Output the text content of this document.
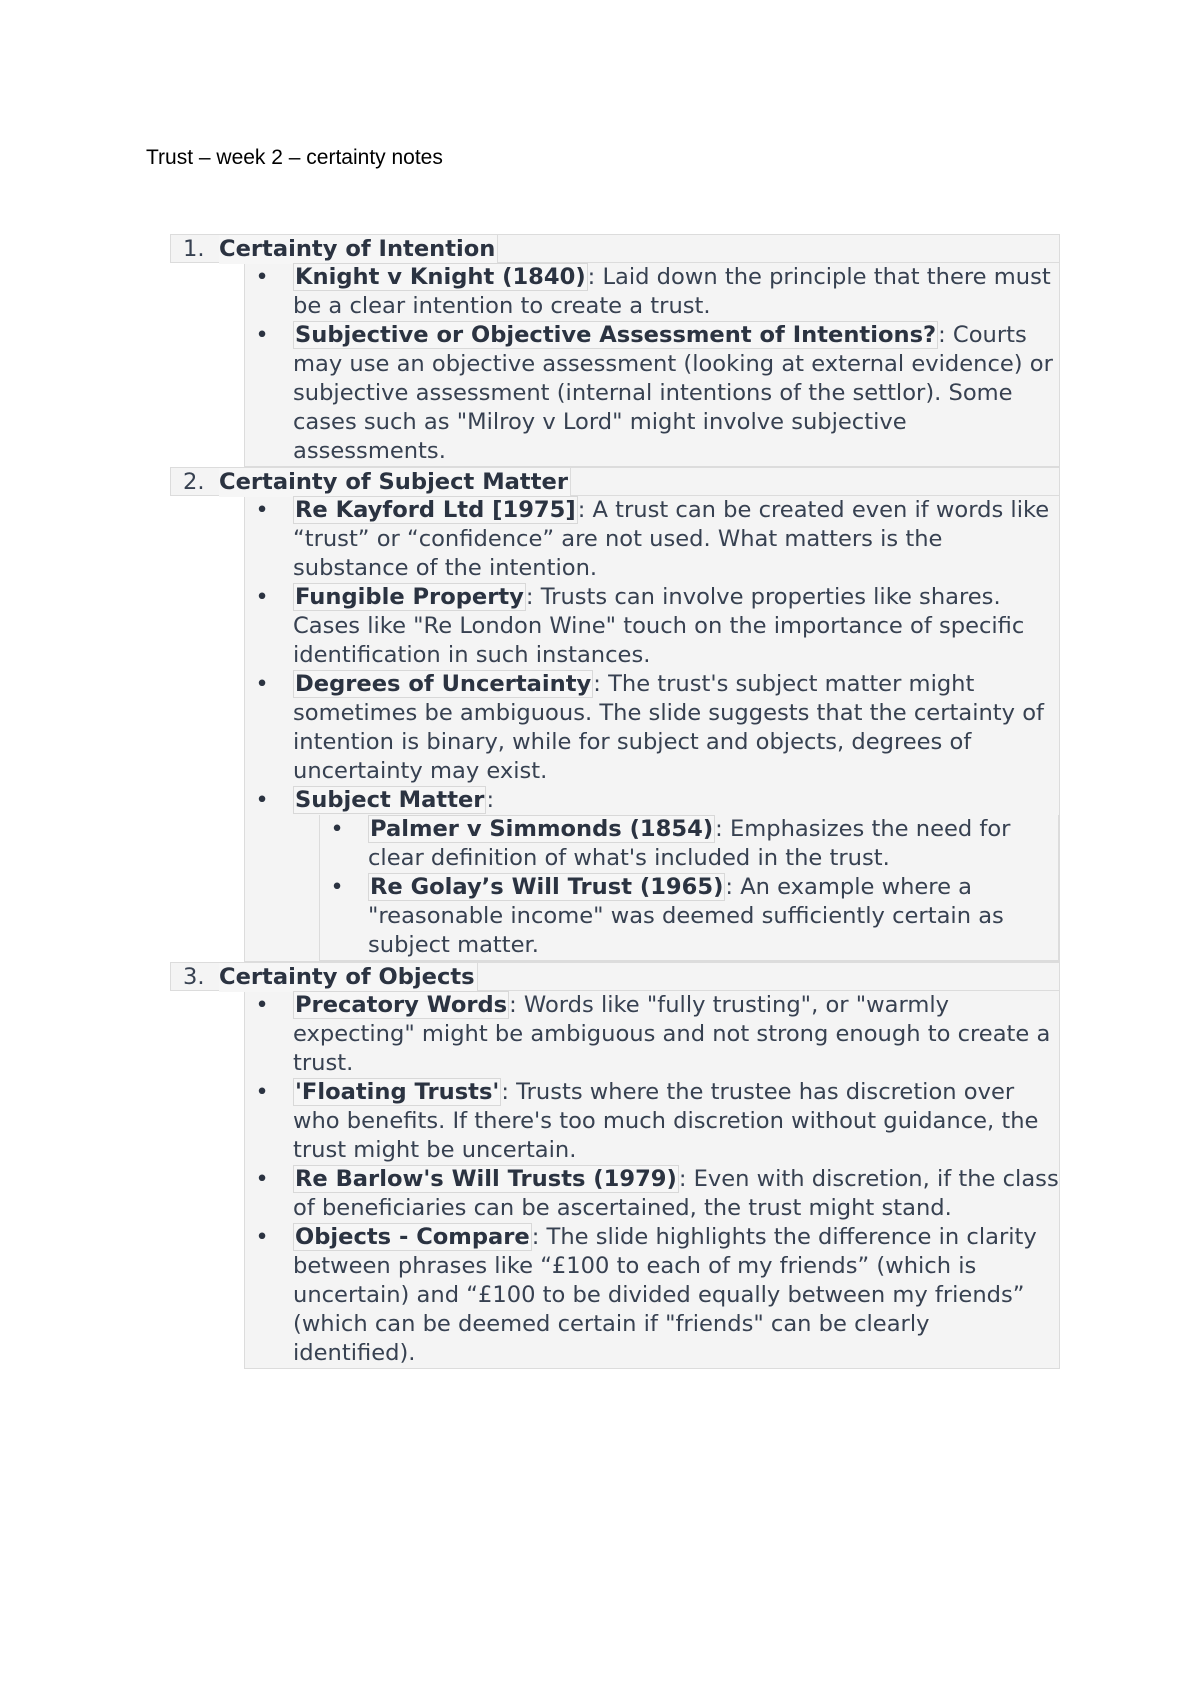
Trust – week 2 – certainty notes
1. Certainty of Intention
• Knight v Knight (1840): Laid down the principle that there must be a clear intention to create a trust.
• Subjective or Objective Assessment of Intentions?: Courts may use an objective assessment (looking at external evidence) or subjective assessment (internal intentions of the settlor). Some cases such as "Milroy v Lord" might involve subjective assessments.
2. Certainty of Subject Matter
• Re Kayford Ltd [1975]: A trust can be created even if words like “trust” or “confidence” are not used. What matters is the substance of the intention.
• Fungible Property: Trusts can involve properties like shares. Cases like "Re London Wine" touch on the importance of specific identification in such instances.
• Degrees of Uncertainty: The trust's subject matter might sometimes be ambiguous. The slide suggests that the certainty of intention is binary, while for subject and objects, degrees of uncertainty may exist.
• Subject Matter:
• Palmer v Simmonds (1854): Emphasizes the need for clear definition of what's included in the trust.
• Re Golay’s Will Trust (1965): An example where a "reasonable income" was deemed sufficiently certain as subject matter.
3. Certainty of Objects
• Precatory Words: Words like "fully trusting", or "warmly expecting" might be ambiguous and not strong enough to create a trust.
• 'Floating Trusts': Trusts where the trustee has discretion over who benefits. If there's too much discretion without guidance, the trust might be uncertain.
• Re Barlow's Will Trusts (1979): Even with discretion, if the class of beneficiaries can be ascertained, the trust might stand.
• Objects - Compare: The slide highlights the difference in clarity between phrases like “£100 to each of my friends” (which is uncertain) and “£100 to be divided equally between my friends” (which can be deemed certain if "friends" can be clearly identified).
